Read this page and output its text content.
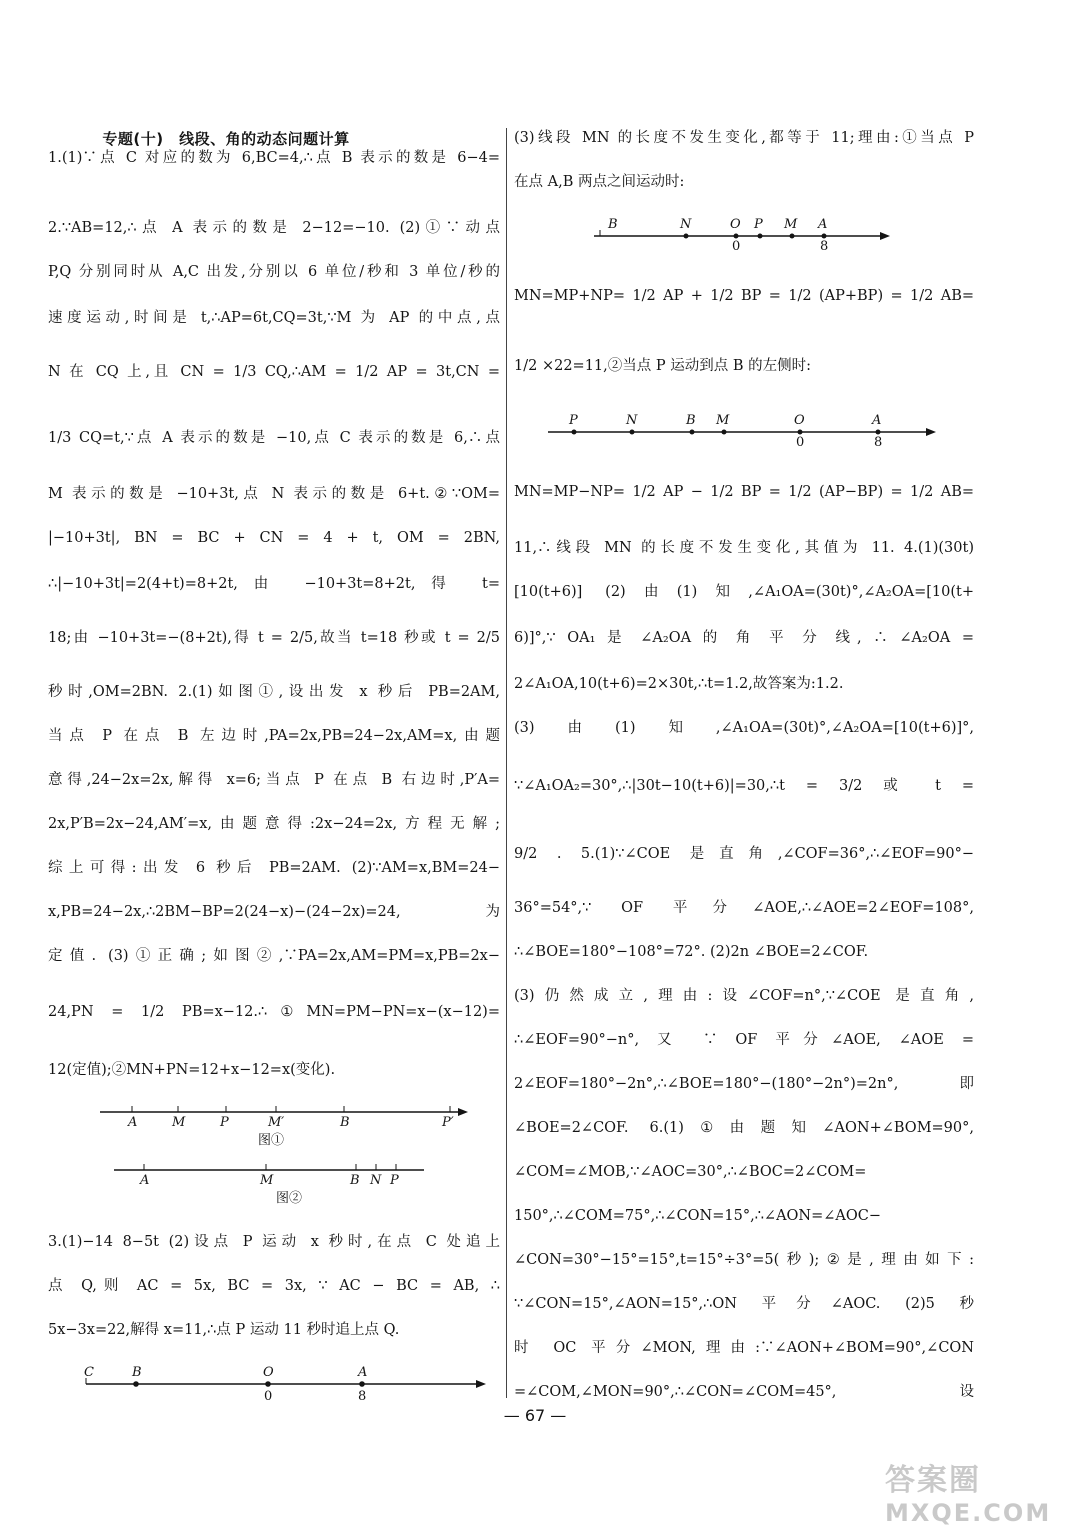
专题(十)　线段、角的动态问题计算
1.(1)∵点 C 对应的数为 6,BC=4,∴点 B 表示的数是 6−4=
2.∵AB=12,∴点 A 表示的数是 2−12=−10. (2)①∵动点
P,Q 分别同时从 A,C 出发,分别以 6 单位/秒和 3 单位/秒的
速度运动,时间是 t,∴AP=6t,CQ=3t,∵M 为 AP 的中点,点
N 在 CQ 上,且 CN = 1/3 CQ,∴AM = 1/2 AP = 3t,CN =
1/3 CQ=t,∵点 A 表示的数是 −10,点 C 表示的数是 6,∴点
M 表示的数是 −10+3t,点 N 表示的数是 6+t.②∵OM=
|−10+3t|, BN = BC + CN = 4 + t, OM = 2BN,
∴|−10+3t|=2(4+t)=8+2t,由 −10+3t=8+2t,得 t=
18;由 −10+3t=−(8+2t),得 t = 2/5,故当 t=18 秒或 t = 2/5
秒时,OM=2BN. 2.(1)如图①,设出发 x 秒后 PB=2AM,
当点 P 在点 B 左边时,PA=2x,PB=24−2x,AM=x,由题
意得,24−2x=2x,解得 x=6;当点 P 在点 B 右边时,P′A=
2x,P′B=2x−24,AM′=x,由题意得:2x−24=2x,方程无解;
综上可得:出发 6 秒后 PB=2AM. (2)∵AM=x,BM=24−
x,PB=24−2x,∴2BM−BP=2(24−x)−(24−2x)=24,为
定值. (3)①正确;如图②,∵PA=2x,AM=PM=x,PB=2x−
24,PN = 1/2 PB=x−12.∴①MN=PM−PN=x−(x−12)=
12(定值);②MN+PN=12+x−12=x(变化).
3.(1)−14 8−5t (2)设点 P 运动 x 秒时,在点 C 处追上
点 Q,则 AC = 5x, BC = 3x, ∵ AC − BC = AB, ∴
5x−3x=22,解得 x=11,∴点 P 运动 11 秒时追上点 Q.
A	M	P	M′	B	P′
图①
A	M	B N P
图②
C	B	O	A
0	8
(3)线段 MN 的长度不发生变化,都等于 11;理由:①当点 P
在点 A,B 两点之间运动时:
MN=MP+NP= 1/2 AP + 1/2 BP = 1/2 (AP+BP) = 1/2 AB=
1/2 ×22=11,②当点 P 运动到点 B 的左侧时:
MN=MP−NP= 1/2 AP − 1/2 BP = 1/2 (AP−BP) = 1/2 AB=
11,∴线段 MN 的长度不发生变化,其值为 11. 4.(1)(30t)
[10(t+6)] (2)由(1)知,∠A₁OA=(30t)°,∠A₂OA=[10(t+
6)]°,∵ OA₁ 是 ∠A₂OA 的 角 平 分 线, ∴ ∠A₂OA =
2∠A₁OA,10(t+6)=2×30t,∴t=1.2,故答案为:1.2.
(3)由(1)知,∠A₁OA=(30t)°,∠A₂OA=[10(t+6)]°,
∵∠A₁OA₂=30°,∴|30t−10(t+6)|=30,∴t = 3/2 或 t =
9/2 . 5.(1)∵∠COE 是直角,∠COF=36°,∴∠EOF=90°−
36°=54°,∵ OF 平分∠AOE,∴∠AOE=2∠EOF=108°,
∴∠BOE=180°−108°=72°. (2)2n ∠BOE=2∠COF.
(3)仍然成立,理由:设∠COF=n°,∵∠COE 是直角,
∴∠EOF=90°−n°, 又 ∵ OF 平分∠AOE, ∠AOE =
2∠EOF=180°−2n°,∴∠BOE=180°−(180°−2n°)=2n°,即
∠BOE=2∠COF. 6.(1)①由题知∠AON+∠BOM=90°,
∠COM=∠MOB,∵∠AOC=30°,∴∠BOC=2∠COM=
150°,∴∠COM=75°,∴∠CON=15°,∴∠AON=∠AOC−
∠CON=30°−15°=15°,t=15°÷3°=5(秒);②是,理由如下:
∵∠CON=15°,∠AON=15°,∴ON 平分∠AOC. (2)5 秒
时 OC 平分∠MON,理由:∵∠AON+∠BOM=90°,∠CON
=∠COM,∠MON=90°,∴∠CON=∠COM=45°,设
B	N	O P M A
0	8
P	N	B M	O	A
0	8
— 67 —
答案圈
MXQE.COM
